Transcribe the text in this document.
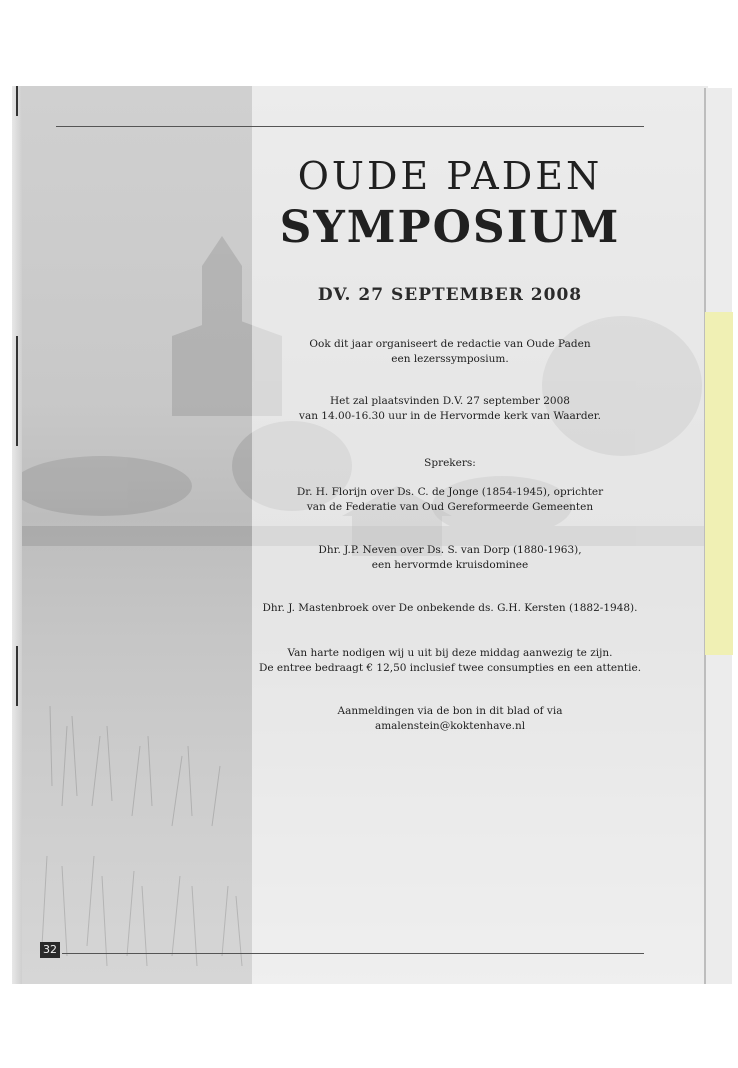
32
OUDE PADEN
SYMPOSIUM
DV. 27 SEPTEMBER 2008
Ook dit jaar organiseert de redactie van Oude Paden
een lezerssymposium.
Het zal plaatsvinden D.V. 27 september 2008
van 14.00-16.30 uur in de Hervormde kerk van Waarder.
Sprekers:
Dr. H. Florijn over Ds. C. de Jonge (1854-1945), oprichter
van de Federatie van Oud Gereformeerde Gemeenten
Dhr. J.P. Neven over Ds. S. van Dorp (1880-1963),
een hervormde kruisdominee
Dhr. J. Mastenbroek over De onbekende ds. G.H. Kersten (1882-1948).
Van harte nodigen wij u uit bij deze middag aanwezig te zijn.
De entree bedraagt € 12,50 inclusief twee consumpties en een attentie.
Aanmeldingen via de bon in dit blad of via
amalenstein@koktenhave.nl
